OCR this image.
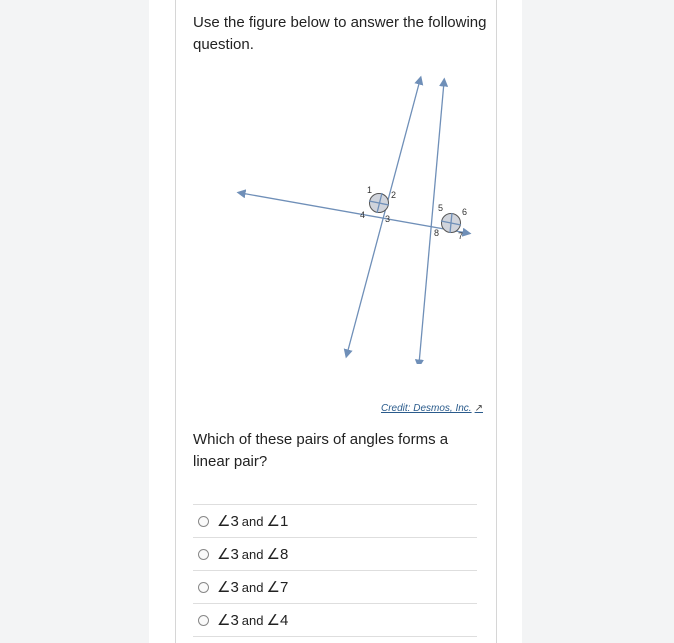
Use the figure below to answer the following question.
1 2
3
4
5 6
7
8
Credit: Desmos, Inc. ↗
Which of these pairs of angles forms a linear pair?
∠3 and ∠1
∠3 and ∠8
∠3 and ∠7
∠3 and ∠4
